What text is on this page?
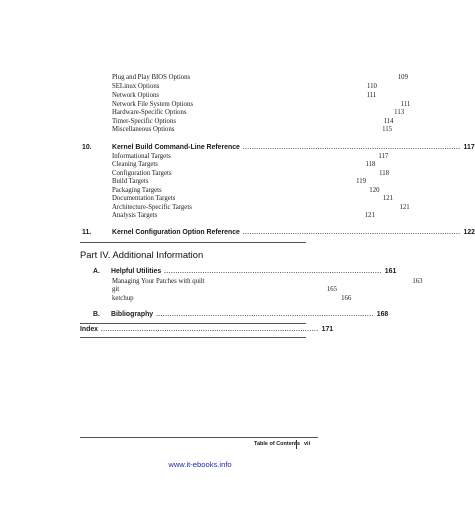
Plug and Play BIOS Options	109
SELinux Options	110
Network Options	111
Network File System Options	111
Hardware-Specific Options	113
Timer-Specific Options	114
Miscellaneous Options	115
10.	Kernel Build Command-Line Reference ................................................................................................ 117
Informational Targets	117
Cleaning Targets	118
Configuration Targets	118
Build Targets	119
Packaging Targets	120
Documentation Targets	121
Architecture-Specific Targets	121
Analysis Targets	121
11.	Kernel Configuration Option Reference ................................................................................................ 122
Part IV. Additional Information
A. Helpful Utilities ................................................................................................ 161
Managing Your Patches with quilt	163
git	165
ketchup	166
B. Bibliography ................................................................................................ 168
Index ................................................................................................ 171
Table of Contents vii
www.it-ebooks.info
